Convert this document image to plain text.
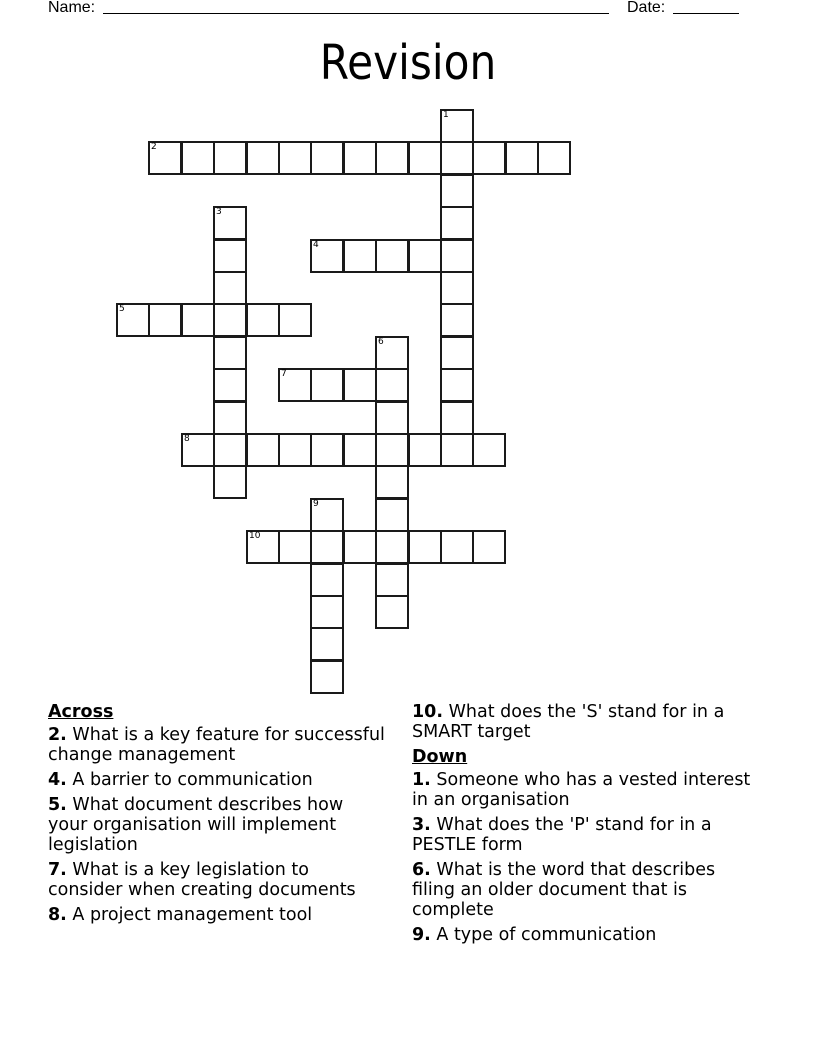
Name:	Date:
Revision
1
2
3
4
5
6
7
8
9
10
Across
2. What is a key feature for successful change management
4. A barrier to communication
5. What document describes how your organisation will implement legislation
7. What is a key legislation to consider when creating documents
8. A project management tool
10. What does the 'S' stand for in a SMART target
Down
1. Someone who has a vested interest in an organisation
3. What does the 'P' stand for in a PESTLE form
6. What is the word that describes filing an older document that is complete
9. A type of communication
